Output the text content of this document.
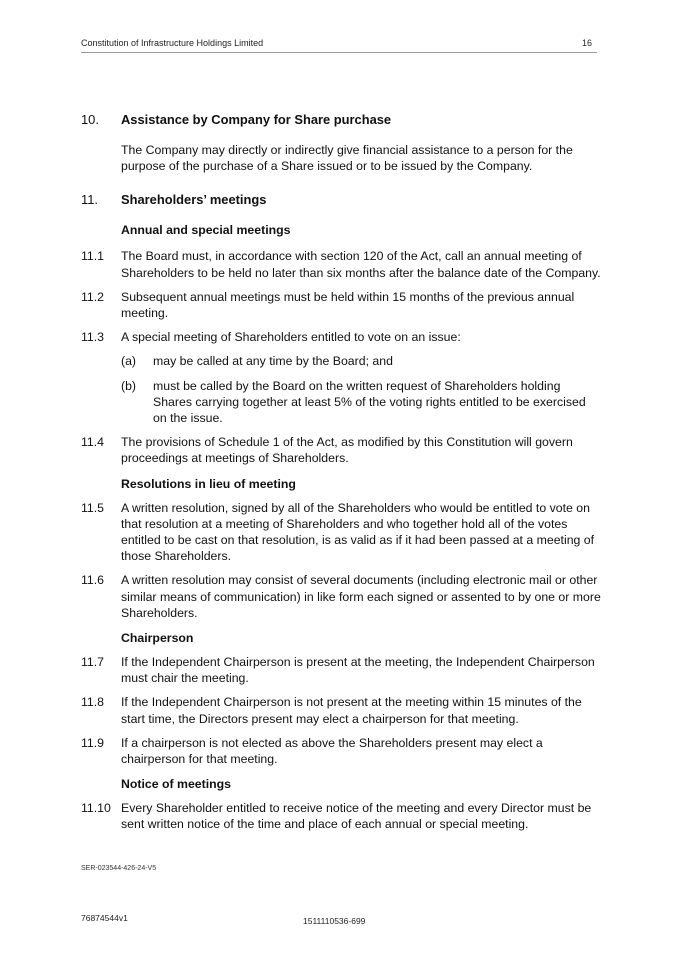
Constitution of Infrastructure Holdings Limited	16
10.	Assistance by Company for Share purchase
The Company may directly or indirectly give financial assistance to a person for the purpose of the purchase of a Share issued or to be issued by the Company.
11.	Shareholders’ meetings
Annual and special meetings
11.1	The Board must, in accordance with section 120 of the Act, call an annual meeting of Shareholders to be held no later than six months after the balance date of the Company.
11.2	Subsequent annual meetings must be held within 15 months of the previous annual meeting.
11.3	A special meeting of Shareholders entitled to vote on an issue:
(a)	may be called at any time by the Board; and
(b)	must be called by the Board on the written request of Shareholders holding Shares carrying together at least 5% of the voting rights entitled to be exercised on the issue.
11.4	The provisions of Schedule 1 of the Act, as modified by this Constitution will govern proceedings at meetings of Shareholders.
Resolutions in lieu of meeting
11.5	A written resolution, signed by all of the Shareholders who would be entitled to vote on that resolution at a meeting of Shareholders and who together hold all of the votes entitled to be cast on that resolution, is as valid as if it had been passed at a meeting of those Shareholders.
11.6	A written resolution may consist of several documents (including electronic mail or other similar means of communication) in like form each signed or assented to by one or more Shareholders.
Chairperson
11.7	If the Independent Chairperson is present at the meeting, the Independent Chairperson must chair the meeting.
11.8	If the Independent Chairperson is not present at the meeting within 15 minutes of the start time, the Directors present may elect a chairperson for that meeting.
11.9	If a chairperson is not elected as above the Shareholders present may elect a chairperson for that meeting.
Notice of meetings
11.10 Every Shareholder entitled to receive notice of the meeting and every Director must be sent written notice of the time and place of each annual or special meeting.
SER-023544-426-24-V5
76874544v1	1511110536-699
